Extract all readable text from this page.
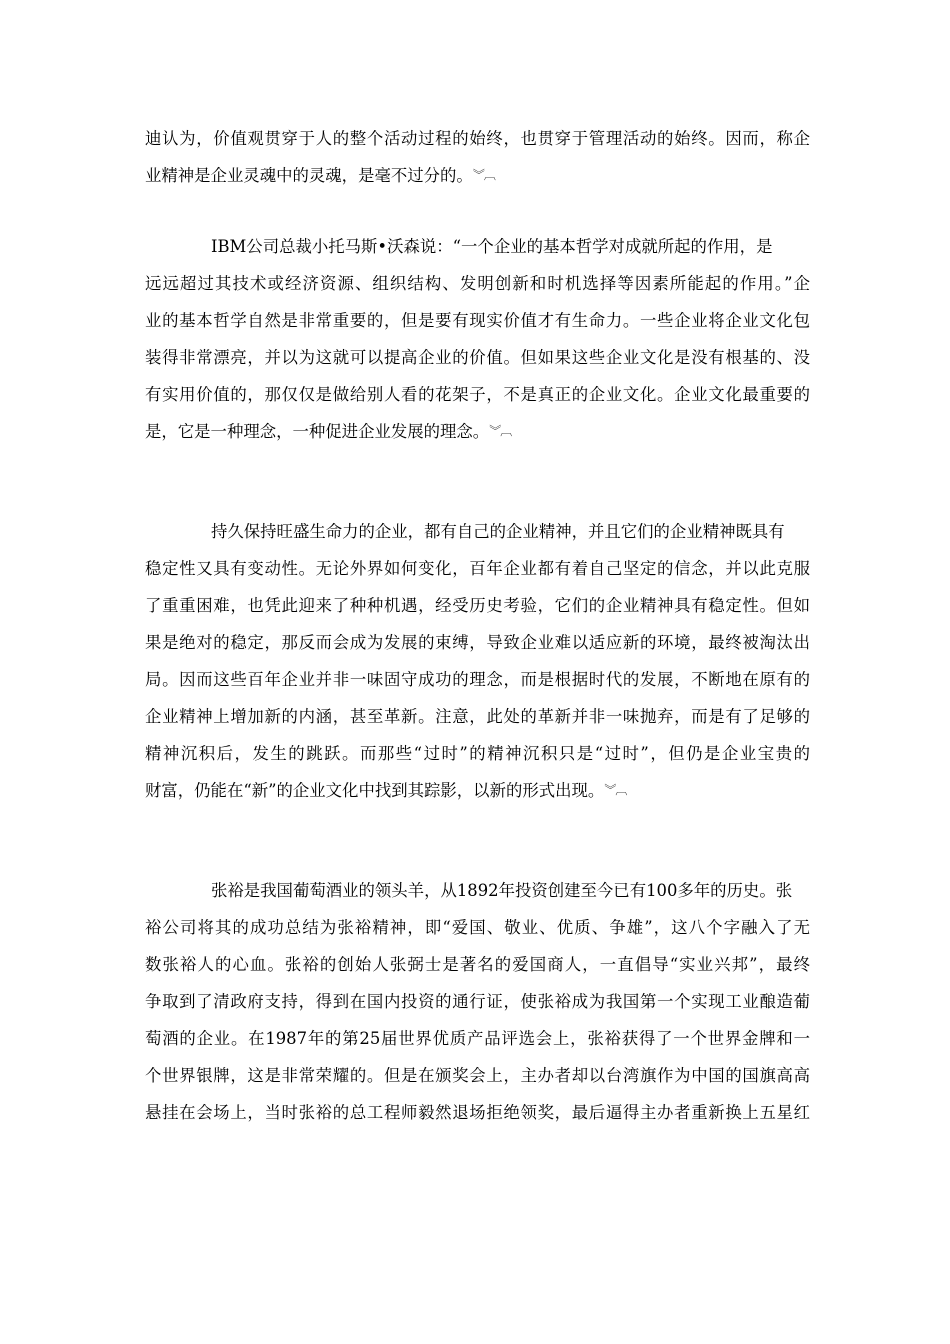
迪认为，价值观贯穿于人的整个活动过程的始终，也贯穿于管理活动的始终。因而，称企
业精神是企业灵魂中的灵魂，是毫不过分的。︾︹
IBM公司总裁小托马斯•沃森说：“一个企业的基本哲学对成就所起的作用，是
远远超过其技术或经济资源、组织结构、发明创新和时机选择等因素所能起的作用。”企
业的基本哲学自然是非常重要的，但是要有现实价值才有生命力。一些企业将企业文化包
装得非常漂亮，并以为这就可以提高企业的价值。但如果这些企业文化是没有根基的、没
有实用价值的，那仅仅是做给别人看的花架子，不是真正的企业文化。企业文化最重要的
是，它是一种理念，一种促进企业发展的理念。︾︹
持久保持旺盛生命力的企业，都有自己的企业精神，并且它们的企业精神既具有
稳定性又具有变动性。无论外界如何变化，百年企业都有着自己坚定的信念，并以此克服
了重重困难，也凭此迎来了种种机遇，经受历史考验，它们的企业精神具有稳定性。但如
果是绝对的稳定，那反而会成为发展的束缚，导致企业难以适应新的环境，最终被淘汰出
局。因而这些百年企业并非一味固守成功的理念，而是根据时代的发展，不断地在原有的
企业精神上增加新的内涵，甚至革新。注意，此处的革新并非一味抛弃，而是有了足够的
精神沉积后，发生的跳跃。而那些“过时”的精神沉积只是“过时”，但仍是企业宝贵的
财富，仍能在“新”的企业文化中找到其踪影，以新的形式出现。︾︹
张裕是我国葡萄酒业的领头羊，从1892年投资创建至今已有100多年的历史。张
裕公司将其的成功总结为张裕精神，即“爱国、敬业、优质、争雄”，这八个字融入了无
数张裕人的心血。张裕的创始人张弼士是著名的爱国商人，一直倡导“实业兴邦”，最终
争取到了清政府支持，得到在国内投资的通行证，使张裕成为我国第一个实现工业酿造葡
萄酒的企业。在1987年的第25届世界优质产品评选会上，张裕获得了一个世界金牌和一
个世界银牌，这是非常荣耀的。但是在颁奖会上，主办者却以台湾旗作为中国的国旗高高
悬挂在会场上，当时张裕的总工程师毅然退场拒绝领奖，最后逼得主办者重新换上五星红
